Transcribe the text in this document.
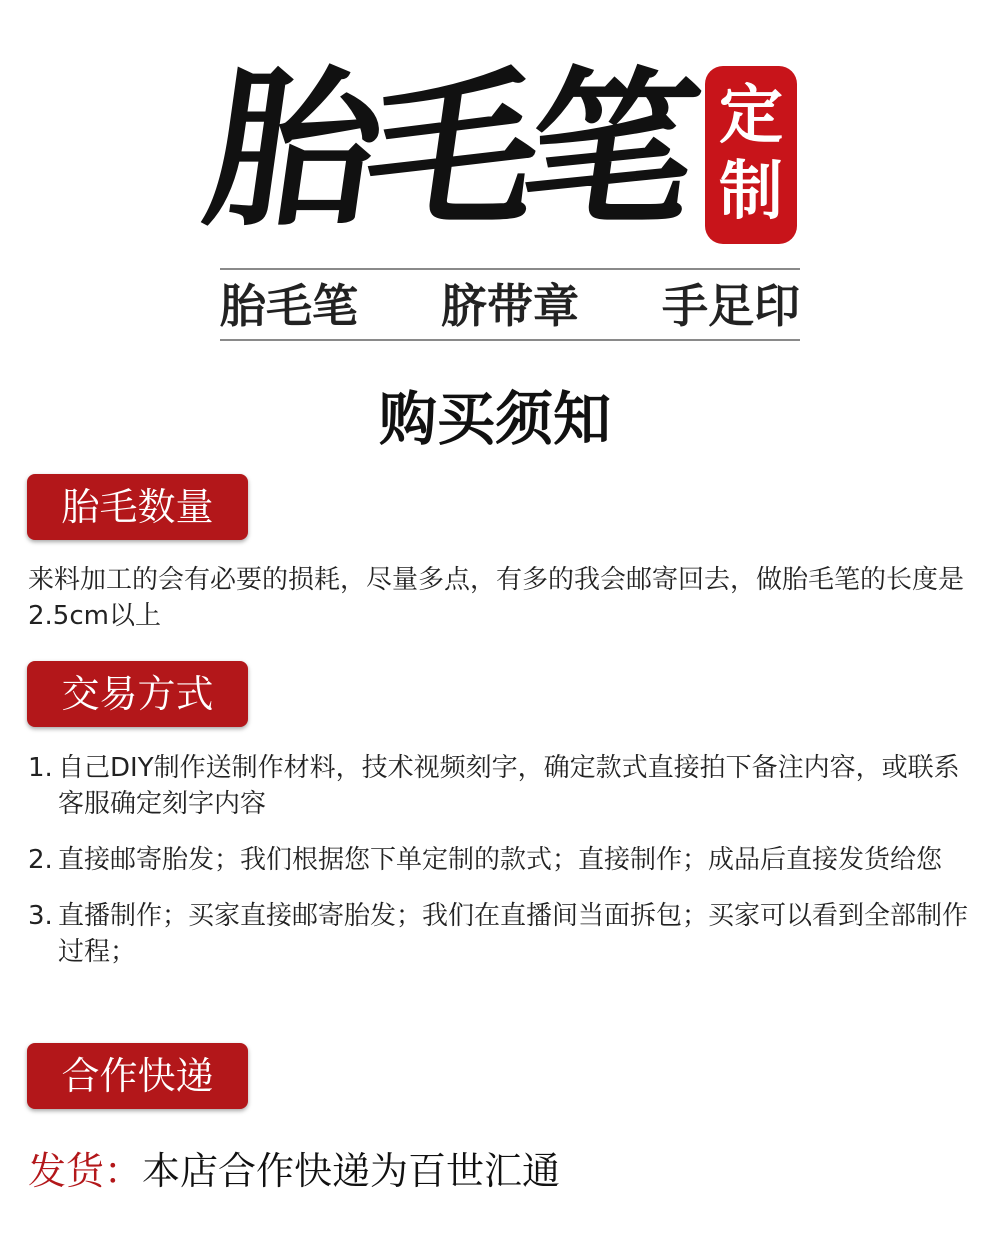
胎毛笔 定
制
胎毛笔 脐带章 手足印
购买须知
胎毛数量
来料加工的会有必要的损耗，尽量多点，有多的我会邮寄回去，做胎毛笔的长度是2.5cm以上
交易方式
1. 自己DIY制作送制作材料，技术视频刻字，确定款式直接拍下备注内容，或联系客服确定刻字内容
2. 直接邮寄胎发；我们根据您下单定制的款式；直接制作；成品后直接发货给您
3. 直播制作；买家直接邮寄胎发；我们在直播间当面拆包；买家可以看到全部制作过程；
合作快递
发货：本店合作快递为百世汇通
